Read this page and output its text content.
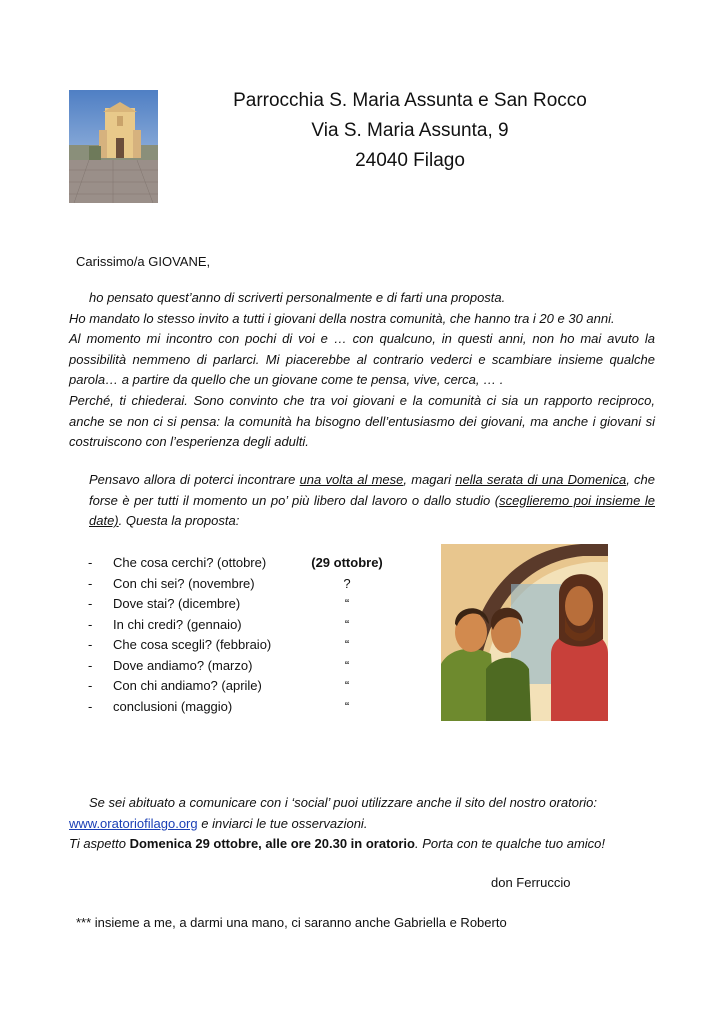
Parrocchia S. Maria Assunta e San Rocco
Via S. Maria Assunta, 9
24040 Filago
Carissimo/a GIOVANE,
ho pensato quest’anno di scriverti personalmente e di farti una proposta.
Ho mandato lo stesso invito a tutti i giovani della nostra comunità, che hanno tra i 20 e 30 anni.
Al momento mi incontro con pochi di voi e … con qualcuno, in questi anni, non ho mai avuto la possibilità nemmeno di parlarci. Mi piacerebbe al contrario vederci e scambiare insieme qualche parola… a partire da quello che un giovane come te pensa, vive, cerca, … .
Perché, ti chiederai. Sono convinto che tra voi giovani e la comunità ci sia un rapporto reciproco, anche se non ci si pensa: la comunità ha bisogno dell’entusiasmo dei giovani, ma anche i giovani si costruiscono con l’esperienza degli adulti.
Pensavo allora di poterci incontrare una volta al mese, magari nella serata di una Domenica, che forse è per tutti il momento un po’ più libero dal lavoro o dallo studio (sceglieremo poi insieme le date). Questa la proposta:
- Che cosa cerchi? (ottobre)	(29 ottobre)
- Con chi sei? (novembre)	?
- Dove stai? (dicembre)	“
- In chi credi? (gennaio)	“
- Che cosa scegli? (febbraio)	“
- Dove andiamo? (marzo)	“
- Con chi andiamo? (aprile)	“
- conclusioni (maggio)	“
Se sei abituato a comunicare con i ‘social’ puoi utilizzare anche il sito del nostro oratorio:
www.oratoriofilago.org e inviarci le tue osservazioni.
Ti aspetto Domenica 29 ottobre, alle ore 20.30 in oratorio. Porta con te qualche tuo amico!
don Ferruccio
*** insieme a me, a darmi una mano, ci saranno anche Gabriella e Roberto
